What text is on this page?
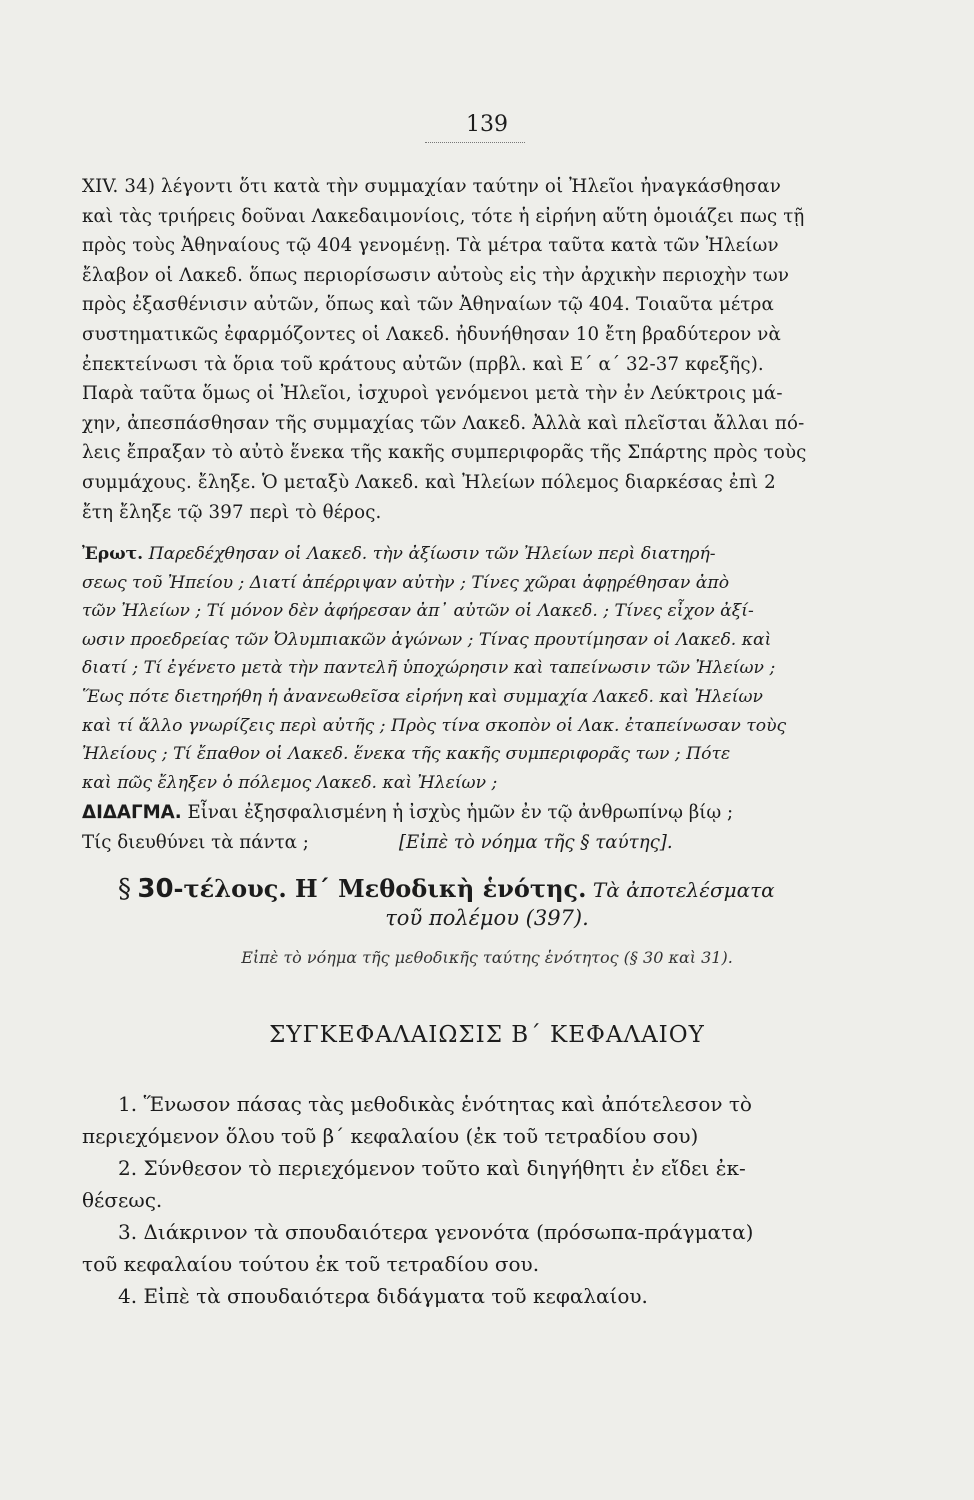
139
XIV. 34) λέγοντι ὅτι κατὰ τὴν συμμαχίαν ταύτην οἱ Ἠλεῖοι ἠναγκάσθησαν
καὶ τὰς τριήρεις δοῦναι Λακεδαιμονίοις, τότε ἡ εἰρήνη αὕτη ὁμοιάζει πως τῇ
πρὸς τοὺς Ἀθηναίους τῷ 404 γενομένῃ. Τὰ μέτρα ταῦτα κατὰ τῶν Ἠλείων
ἔλαβον οἱ Λακεδ. ὅπως περιορίσωσιν αὐτοὺς εἰς τὴν ἀρχικὴν περιοχὴν των
πρὸς ἐξασθένισιν αὐτῶν, ὅπως καὶ τῶν Ἀθηναίων τῷ 404. Τοιαῦτα μέτρα
συστηματικῶς ἐφαρμόζοντες οἱ Λακεδ. ἠδυνήθησαν 10 ἔτη βραδύτερον νὰ
ἐπεκτείνωσι τὰ ὅρια τοῦ κράτους αὐτῶν (πρβλ. καὶ Ε΄ α΄ 32-37 κφεξῆς).
Παρὰ ταῦτα ὅμως οἱ Ἠλεῖοι, ἰσχυροὶ γενόμενοι μετὰ τὴν ἐν Λεύκτροις μά-
χην, ἀπεσπάσθησαν τῆς συμμαχίας τῶν Λακεδ. Ἀλλὰ καὶ πλεῖσται ἄλλαι πό-
λεις ἔπραξαν τὸ αὐτὸ ἕνεκα τῆς κακῆς συμπεριφορᾶς τῆς Σπάρτης πρὸς τοὺς
συμμάχους. ἔληξε. Ὁ μεταξὺ Λακεδ. καὶ Ἠλείων πόλεμος διαρκέσας ἐπὶ 2
ἔτη ἔληξε τῷ 397 περὶ τὸ θέρος.
Ἐρωτ. Παρεδέχθησαν οἱ Λακεδ. τὴν ἀξίωσιν τῶν Ἠλείων περὶ διατηρή-
σεως τοῦ Ἠπείου ; Διατί ἀπέρριψαν αὐτὴν ; Τίνες χῶραι ἀφῃρέθησαν ἀπὸ
τῶν Ἠλείων ; Τί μόνον δὲν ἀφήρεσαν ἀπ᾽ αὐτῶν οἱ Λακεδ. ; Τίνες εἶχον ἀξί-
ωσιν προεδρείας τῶν Ὀλυμπιακῶν ἀγώνων ; Τίνας προυτίμησαν οἱ Λακεδ. καὶ
διατί ; Τί ἐγένετο μετὰ τὴν παντελῆ ὑποχώρησιν καὶ ταπείνωσιν τῶν Ἠλείων ;
Ἕως πότε διετηρήθη ἡ ἀνανεωθεῖσα εἰρήνη καὶ συμμαχία Λακεδ. καὶ Ἠλείων
καὶ τί ἄλλο γνωρίζεις περὶ αὐτῆς ; Πρὸς τίνα σκοπὸν οἱ Λακ. ἐταπείνωσαν τοὺς
Ἠλείους ; Τί ἔπαθον οἱ Λακεδ. ἕνεκα τῆς κακῆς συμπεριφορᾶς των ; Πότε
καὶ πῶς ἔληξεν ὁ πόλεμος Λακεδ. καὶ Ἠλείων ;
ΔΙΔΑΓΜΑ. Εἶναι ἐξησφαλισμένη ἡ ἰσχὺς ἡμῶν ἐν τῷ ἀνθρωπίνῳ βίῳ ;
Τίς διευθύνει τὰ πάντα ;	[Εἰπὲ τὸ νόημα τῆς § ταύτης].
§ 30-τέλους. Η΄ Μεθοδικὴ ἑνότης. Τὰ ἀποτελέσματα
τοῦ πολέμου (397).
Εἰπὲ τὸ νόημα τῆς μεθοδικῆς ταύτης ἑνότητος (§ 30 καὶ 31).
ΣΥΓΚΕΦΑΛΑΙΩΣΙΣ Β΄ ΚΕΦΑΛΑΙΟΥ
1. Ἕνωσον πάσας τὰς μεθοδικὰς ἑνότητας καὶ ἀπότελεσον τὸ
περιεχόμενον ὅλου τοῦ β΄ κεφαλαίου (ἐκ τοῦ τετραδίου σου)
2. Σύνθεσον τὸ περιεχόμενον τοῦτο καὶ διηγήθητι ἐν εἴδει ἐκ-
θέσεως.
3. Διάκρινον τὰ σπουδαιότερα γενονότα (πρόσωπα-πράγματα)
τοῦ κεφαλαίου τούτου ἐκ τοῦ τετραδίου σου.
4. Εἰπὲ τὰ σπουδαιότερα διδάγματα τοῦ κεφαλαίου.
